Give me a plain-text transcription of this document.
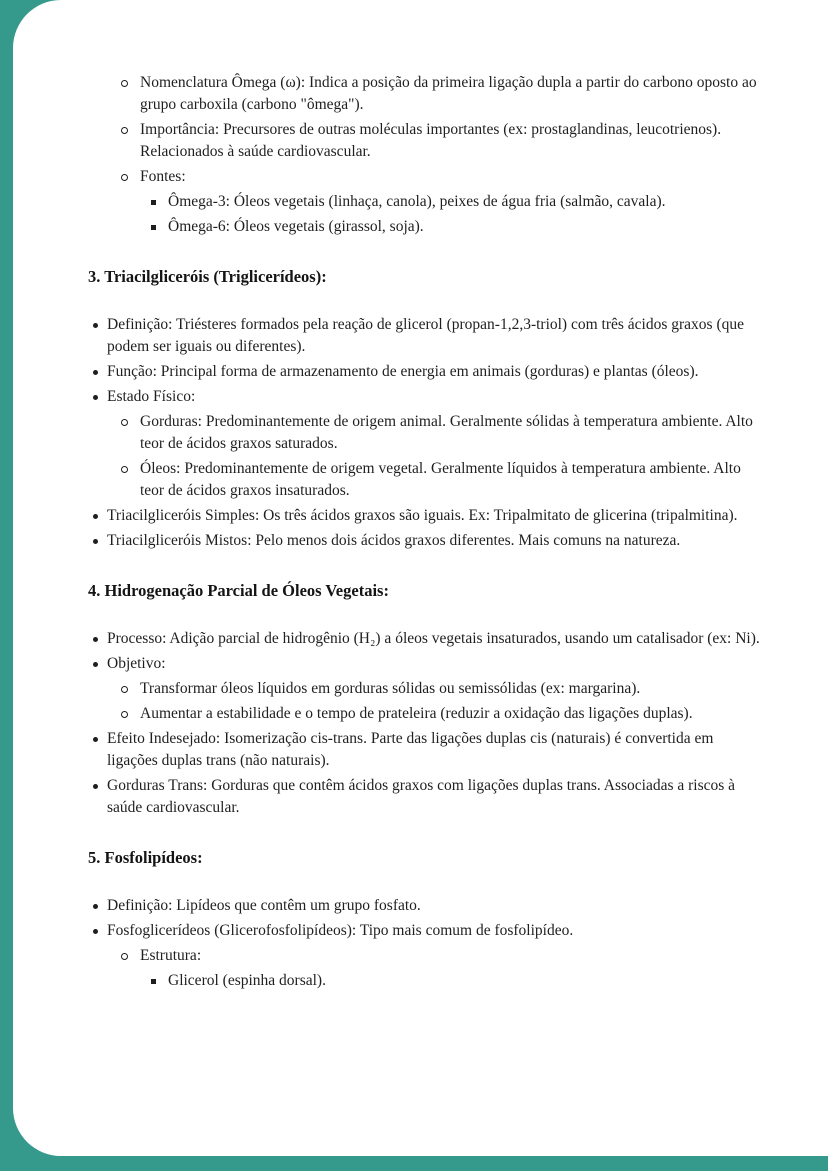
Nomenclatura Ômega (ω): Indica a posição da primeira ligação dupla a partir do carbono oposto ao grupo carboxila (carbono "ômega").
Importância: Precursores de outras moléculas importantes (ex: prostaglandinas, leucotrienos). Relacionados à saúde cardiovascular.
Fontes:
Ômega-3: Óleos vegetais (linhaça, canola), peixes de água fria (salmão, cavala).
Ômega-6: Óleos vegetais (girassol, soja).
3. Triacilgliceróis (Triglicerídeos):
Definição: Triésteres formados pela reação de glicerol (propan-1,2,3-triol) com três ácidos graxos (que podem ser iguais ou diferentes).
Função: Principal forma de armazenamento de energia em animais (gorduras) e plantas (óleos).
Estado Físico:
Gorduras: Predominantemente de origem animal. Geralmente sólidas à temperatura ambiente. Alto teor de ácidos graxos saturados.
Óleos: Predominantemente de origem vegetal. Geralmente líquidos à temperatura ambiente. Alto teor de ácidos graxos insaturados.
Triacilgliceróis Simples: Os três ácidos graxos são iguais. Ex: Tripalmitato de glicerina (tripalmitina).
Triacilgliceróis Mistos: Pelo menos dois ácidos graxos diferentes. Mais comuns na natureza.
4. Hidrogenação Parcial de Óleos Vegetais:
Processo: Adição parcial de hidrogênio (H₂) a óleos vegetais insaturados, usando um catalisador (ex: Ni).
Objetivo:
Transformar óleos líquidos em gorduras sólidas ou semissólidas (ex: margarina).
Aumentar a estabilidade e o tempo de prateleira (reduzir a oxidação das ligações duplas).
Efeito Indesejado: Isomerização cis-trans. Parte das ligações duplas cis (naturais) é convertida em ligações duplas trans (não naturais).
Gorduras Trans: Gorduras que contêm ácidos graxos com ligações duplas trans. Associadas a riscos à saúde cardiovascular.
5. Fosfolipídeos:
Definição: Lipídeos que contêm um grupo fosfato.
Fosfoglicerídeos (Glicerofosfolipídeos): Tipo mais comum de fosfolipídeo.
Estrutura:
Glicerol (espinha dorsal).
